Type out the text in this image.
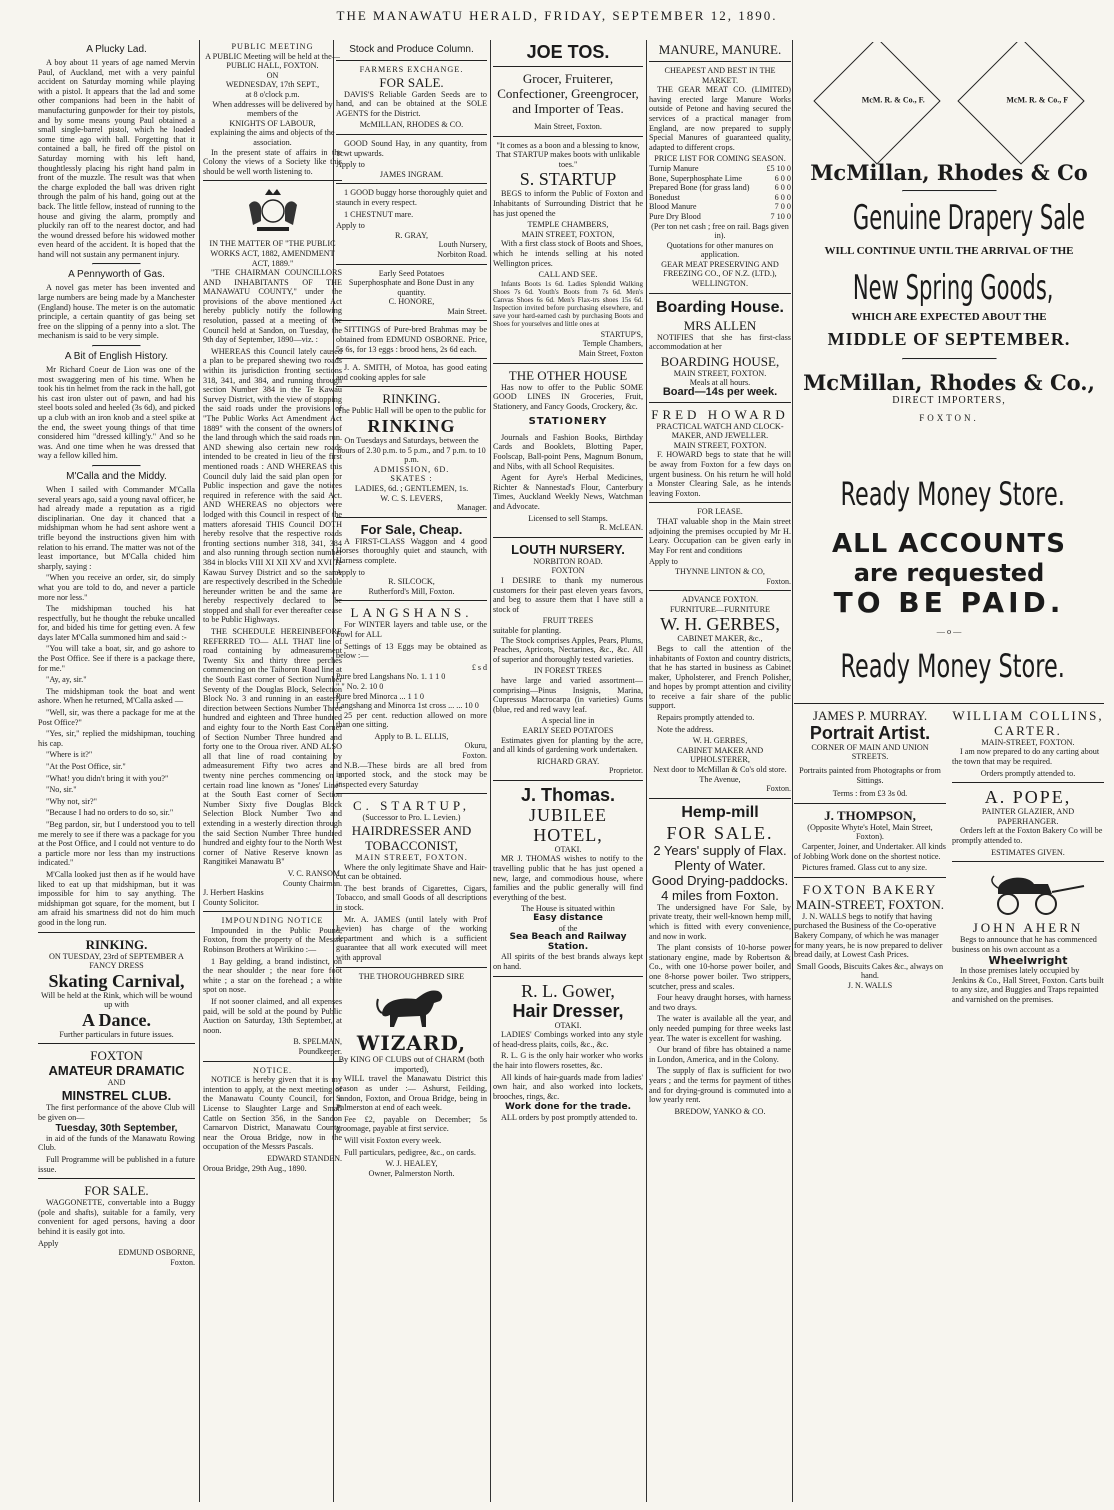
THE MANAWATU HERALD, FRIDAY, SEPTEMBER 12, 1890.
A Plucky Lad.

A boy about 11 years of age named Mervin Paul, of Auckland, met with a very painful accident on Saturday morning while playing with a pistol. It appears that the lad and some other companions had been in the habit of manufacturing gunpowder for their toy pistols, and by some means young Paul obtained a small single-barrel pistol, which he loaded some time ago with ball. Forgetting that it contained a ball, he fired off the pistol on Saturday morning with his left hand, thoughtlessly placing his right hand palm in front of the muzzle. The result was that when the charge exploded the ball was driven right through the palm of his hand, going out at the back. The little fellow, instead of running to the house and giving the alarm, promptly and pluckily ran off to the nearest doctor, and had the wound dressed before his widowed mother even heard of the accident. It is hoped that the hand will not sustain any permanent injury.

A Pennyworth of Gas.

A novel gas meter has been invented and large numbers are being made by a Manchester (England) house. The meter is on the automatic principle, a certain quantity of gas being set free on the slipping of a penny into a slot. The mechanism is said to be very simple.

A Bit of English History.

Mr Richard Coeur de Lion was one of the most swaggering men of his time. When he took his tin helmet from the rack in the hall, got his cast iron ulster out of pawn, and had his steel boots soled and heeled (3s 6d), and picked up a club with an iron knob and a steel spike at the end, the sweet young things of that time considered him "dressed killing'y." And so he was. And one time when he was dressed that way a fellow killed him.

M'Calla and the Middy.

When I sailed with Commander M'Calla several years ago, said a young naval officer, he had already made a reputation as a rigid disciplinarian. One day it chanced that a midshipman whom he had sent ashore went a trifle beyond the instructions given him with relation to his errand. The matter was not of the least importance, but M'Calla chided him sharply, saying :

"When you receive an order, sir, do simply what you are told to do, and never a particle more nor less."

The midshipman touched his hat respectfully, but he thought the rebuke uncalled for, and bided his time for getting even. A few days later M'Calla summoned him and said :-

"You will take a boat, sir, and go ashore to the Post Office. See if there is a package there, for me."

"Ay, ay, sir."

The midshipman took the boat and went ashore. When he returned, M'Calla asked —

"Well, sir, was there a package for me at the Post Office?"

"Yes, sir," replied the midshipman, touching his cap.

"Where is it?"

"At the Post Office, sir."

"What! you didn't bring it with you?"

"No, sir."

"Why not, sir?"

"Because I had no orders to do so, sir."

"Beg pardon, sir, but I understood you to tell me merely to see if there was a package for you at the Post Office, and I could not venture to do a particle more nor less than my instructions indicated."

M'Calla looked just then as if he would have liked to eat up that midshipman, but it was impossible for him to say anything. The midshipman got square, for the moment, but I am afraid his smartness did not do him much good in the long run.

RINKING.
ON TUESDAY, 23rd of SEPTEMBER A
FANCY DRESS
Skating Carnival,
Will be held at the Rink, which will be wound up with
A Dance.
Further particulars in future issues.
FOXTON
AMATEUR DRAMATIC
AND
MINSTREL CLUB.

The first performance of the above Club will be given on—

Tuesday, 30th September,

in aid of the funds of the Manawatu Rowing Club.

Full Programme will be published in a future issue.

FOR SALE.

WAGGONETTE, convertable into a Buggy (pole and shafts), suitable for a family, very convenient for aged persons, having a door behind it is easily got into.

Apply
EDMUND OSBORNE,
Foxton.
PUBLIC MEETING
A PUBLIC Meeting will be held at the—
PUBLIC HALL, FOXTON.
ON
WEDNESDAY, 17th SEPT.,
at 8 o'clock p.m.
When addresses will be delivered by members of the
KNIGHTS OF LABOUR,
explaining the aims and objects of the association.

In the present state of affairs in the Colony the views of a Society like this should be well worth listening to.

IN THE MATTER OF "THE PUBLIC WORKS ACT, 1882, AMENDMENT ACT, 1889."

"THE CHAIRMAN COUNCILLORS AND INHABITANTS OF THE MANAWATU COUNTY," under the provisions of the above mentioned Act hereby publicly notify the following resolution, passed at a meeting of the Council held at Sandon, on Tuesday, the 9th day of September, 1890—viz. :

WHEREAS this Council lately caused a plan to be prepared shewing two roads within its jurisdiction fronting sections 318, 341, and 384, and running through section Number 384 in the Te Kawau Survey District, with the view of stopping the said roads under the provisions of "The Public Works Act Amendment Act 1889" with the consent of the owners of the land through which the said roads run. AND shewing also certain new roads intended to be created in lieu of the first mentioned roads : AND WHEREAS this Council duly laid the said plan open for Public inspection and gave the notices required in reference with the said Act. AND WHEREAS no objectors were lodged with this Council in respect of the matters aforesaid THIS Council DOTH hereby resolve that the respective roads fronting sections number 318, 341, 384 and also running through section number 384 in blocks VIII XI XII XV and XVI Te Kawau Survey District and so the same are respectively described in the Schedule hereunder written be and the same are hereby respectively declared to be stopped and shall for ever thereafter cease to be Public Highways.

THE SCHEDULE HEREINBEFORE REFERRED TO— ALL THAT line of road containing by admeasurement Twenty Six and thirty three perches commencing on the Taihoron Road line at the South East corner of Section Number Seventy of the Douglas Block, Selection Block No. 3 and running in an easterly direction between Sections Number Three hundred and eighteen and Three hundred and eighty four to the North East Corner of Section Number Three hundred and forty one to the Oroua river. AND ALSO all that line of road containing by admeasurement Fifty two acres and twenty nine perches commencing on a certain road line known as "Jones' Line" at the South East corner of Section Number Sixty five Douglas Block Selection Block Number Two and extending in a westerly direction through the said Section Number Three hundred hundred and eighty four to the North West corner of Native Reserve known as Rangitikei Manawatu B"

V. C. RANSOM.
County Chairman.
J. Herbert Haskins
County Solicitor.
IMPOUNDING NOTICE

Impounded in the Public Pound, Foxton, from the property of the Messrs Robinson Brothers at Wirikino :—

1 Bay gelding, a brand indistinct, on the near shoulder ; the near fore foot white ; a star on the forehead ; a white spot on nose.

If not sooner claimed, and all expenses paid, will be sold at the pound by Public Auction on Saturday, 13th September, at noon.

B. SPELMAN,
Poundkeeper.
NOTICE.

NOTICE is hereby given that it is my intention to apply, at the next meeting of the Manawatu County Council, for a License to Slaughter Large and Small Cattle on Section 356, in the Sandon Carnarvon District, Manawatu County, near the Oroua Bridge, now in the occupation of the Messrs Pascals.

EDWARD STANDEN.
Oroua Bridge, 29th Aug., 1890.
Stock and Produce Column.
FARMERS EXCHANGE.
FOR SALE.

DAVIS'S Reliable Garden Seeds are to hand, and can be obtained at the SOLE AGENTS for the District.

McMILLAN, RHODES & CO.

GOOD Sound Hay, in any quantity, from 1cwt upwards.

Apply to
JAMES INGRAM.

1 GOOD buggy horse thoroughly quiet and staunch in every respect.

1 CHESTNUT mare.

Apply to
R. GRAY,
Louth Nursery,
Norbiton Road.
Early Seed Potatoes
Superphosphate and Bone Dust in any quantity.
C. HONORE,
Main Street.

SITTINGS of Pure-bred Brahmas may be obtained from EDMUND OSBORNE. Price, 5s 6s, for 13 eggs : brood hens, 2s 6d each.

J. A. SMITH, of Motoa, has good eating and cooking apples for sale

RINKING.
The Public Hall will be open to the public for
RINKING
On Tuesdays and Saturdays, between the hours of 2.30 p.m. to 5 p.m., and 7 p.m. to 10 p.m.
ADMISSION, 6D.
SKATES :
LADIES, 6d. ; GENTLEMEN, 1s.
W. C. S. LEVERS,
Manager.
For Sale, Cheap.

A FIRST-CLASS Waggon and 4 good Horses thoroughly quiet and staunch, with Harness complete.

Apply to
R. SILCOCK,
Rutherford's Mill, Foxton.
LANGSHANS.

For WINTER layers and table use, or the Fowl for ALL

Settings of 13 Eggs may be obtained as below :—

£ s d
Pure bred Langshans No. 1. 1 1 0
" " No. 2. 10 0
Pure bred Minorca ... 1 1 0
Langshang and Minorca 1st cross ... ... 10 0

25 per cent. reduction allowed on more than one sitting.

Apply to B. L. ELLIS,
Okuru,
Foxton.

N.B.—These birds are all bred from imported stock, and the stock may be inspected every Saturday

C. STARTUP,
(Successor to Pro. L. Levien.)
HAIRDRESSER AND TOBACCONIST,
MAIN STREET, FOXTON.

Where the only legitimate Shave and Hair-cut can be obtained.

The best brands of Cigarettes, Cigars, Tobacco, and small Goods of all descriptions in stock.

Mr. A. JAMES (until lately with Prof Levien) has charge of the working department and which is a sufficient guarantee that all work executed will meet with approval

THE THOROUGHBRED SIRE
WIZARD,
By KING OF CLUBS out of CHARM (both imported),

WILL travel the Manawatu District this season as under :— Ashurst, Feilding, Sandon, Foxton, and Oroua Bridge, being in Palmerston at end of each week.

Fee £2, payable on December; 5s groomage, payable at first service.

Will visit Foxton every week.

Full particulars, pedigree, &c., on cards.

W. J. HEALEY,
Owner, Palmerston North.
JOE TOS.
Grocer, Fruiterer, Confectioner, Greengrocer, and Importer of Teas.
Main Street, Foxton.
"It comes as a boon and a blessing to know, That STARTUP makes boots with unlikable toes."
S. STARTUP

BEGS to inform the Public of Foxton and Inhabitants of Surrounding District that he has just opened the

TEMPLE CHAMBERS,
MAIN STREET, FOXTON,

With a first class stock of Boots and Shoes, which he intends selling at his noted Wellington prices.

CALL AND SEE.

Infants Boots 1s 6d. Ladies Splendid Walking Shoes 7s 6d. Youth's Boots from 7s 6d. Men's Canvas Shoes 6s 6d. Men's Flax-trs shoes 15s 6d. Inspection invited before purchasing elsewhere, and save your hard-earned cash by purchasing Boots and Shoes for yourselves and little ones at

STARTUP'S,
Temple Chambers,
Main Street, Foxton
THE OTHER HOUSE

Has now to offer to the Public SOME GOOD LINES IN Groceries, Fruit, Stationery, and Fancy Goods, Crockery, &c.

STATIONERY

Journals and Fashion Books, Birthday Cards and Booklets, Blotting Paper, Foolscap, Ball-point Pens, Magnum Bonum, and Nibs, with all School Requisites.

Agent for Ayre's Herbal Medicines, Richter & Nannestad's Flour, Canterbury Times, Auckland Weekly News, Watchman and Advocate.

Licensed to sell Stamps.
R. McLEAN.
LOUTH NURSERY.
NORBITON ROAD.
FOXTON

I DESIRE to thank my numerous customers for their past eleven years favors, and beg to assure them that I have still a stock of

FRUIT TREES
suitable for planting.

The Stock comprises Apples, Pears, Plums, Peaches, Apricots, Nectarines, &c., &c. All of superior and thoroughly tested varieties.

IN FOREST TREES

have large and varied assortment—comprising—Pinus Insignis, Marina, Cupressus Macrocarpa (in varieties) Gums (blue, red and red wavy leaf.

A special line in
EARLY SEED POTATOES

Estimates given for planting by the acre, and all kinds of gardening work undertaken.

RICHARD GRAY.
Proprietor.
J. Thomas.
JUBILEE HOTEL,
OTAKI.

MR J. THOMAS wishes to notify to the travelling public that he has just opened a new, large, and commodious house, where families and the public generally will find everything of the best.

The House is situated within
Easy distance
of the
Sea Beach and Railway Station.

All spirits of the best brands always kept on hand.

R. L. Gower,
Hair Dresser,
OTAKI.

LADIES' Combings worked into any style of head-dress plaits, coils, &c., &c.

R. L. G is the only hair worker who works the hair into flowers rosettes, &c.

All kinds of hair-guards made from ladies' own hair, and also worked into lockets, brooches, rings, &c.

Work done for the trade.

ALL orders by post promptly attended to.

MANURE, MANURE.
CHEAPEST AND BEST IN THE MARKET.

THE GEAR MEAT CO. (LIMITED) having erected large Manure Works outside of Petone and having secured the services of a practical manager from England, are now prepared to supply Special Manures of guaranteed quality, adapted to different crops.

PRICE LIST FOR COMING SEASON.
Turnip Manure	£5 10 0
Bone, Superphosphate Lime	6 0 0
Prepared Bone (for grass land)	6 0 0
Bonedust	6 0 0
Blood Manure	7 0 0
Pure Dry Blood	7 10 0
(Per ton net cash ; free on rail. Bags given in).
Quotations for other manures on application.
GEAR MEAT PRESERVING AND FREEZING CO., OF N.Z. (LTD.), WELLINGTON.
Boarding House.
MRS ALLEN

NOTIFIES that she has first-class accommodation at her

BOARDING HOUSE,
MAIN STREET, FOXTON.
Meals at all hours.
Board—14s per week.
FRED HOWARD
PRACTICAL WATCH AND CLOCK-MAKER, AND JEWELLER.
MAIN STREET, FOXTON.

F. HOWARD begs to state that he will be away from Foxton for a few days on urgent business. On his return he will hold a Monster Clearing Sale, as he intends leaving Foxton.

FOR LEASE.

THAT valuable shop in the Main street adjoining the premises occupied by Mr H. Leary. Occupation can be given early in May For rent and conditions

Apply to
THYNNE LINTON & CO,
Foxton.
ADVANCE FOXTON.
FURNITURE—FURNITURE
W. H. GERBES,
CABINET MAKER, &c.,

Begs to call the attention of the inhabitants of Foxton and country districts, that he has started in business as Cabinet maker, Upholsterer, and French Polisher, and hopes by prompt attention and civility to receive a fair share of the public support.

Repairs promptly attended to.

Note the address.

W. H. GERBES,
CABINET MAKER AND UPHOLSTERER,
Next door to McMillan & Co's old store.
The Avenue,
Foxton.
Hemp-mill
FOR SALE.
2 Years' supply of Flax.
Plenty of Water.
Good Drying-paddocks.
4 miles from Foxton.

The undersigned have For Sale, by private treaty, their well-known hemp mill, which is fitted with every convenience, and now in work.

The plant consists of 10-horse power stationary engine, made by Robertson & Co., with one 10-horse power boiler, and one 8-horse power boiler. Two strippers, scutcher, press and scales.

Four heavy draught horses, with harness and two drays.

The water is available all the year, and only needed pumping for three weeks last year. The water is excellent for washing.

Our brand of fibre has obtained a name in London, America, and in the Colony.

The supply of flax is sufficient for two years ; and the terms for payment of tithes and for drying-ground is commuted into a low yearly rent.

BREDOW, YANKO & CO.
McM. R. & Co., F.
	McM. R. & Co., F
McMillan, Rhodes & Co
Genuine Drapery Sale
WILL CONTINUE UNTIL THE ARRIVAL OF THE
New Spring Goods,
WHICH ARE EXPECTED ABOUT THE
MIDDLE OF SEPTEMBER.
McMillan, Rhodes & Co.,
DIRECT IMPORTERS,
FOXTON.
Ready Money Store.
ALL ACCOUNTS
are requested
TO BE PAID.
— o —
Ready Money Store.
JAMES P. MURRAY.
Portrait Artist.
CORNER OF MAIN AND UNION STREETS.
Portraits painted from Photographs or from Sittings.
Terms : from £3 3s 0d.
J. THOMPSON,
(Opposite Whyte's Hotel, Main Street, Foxton).

Carpenter, Joiner, and Undertaker. All kinds of Jobbing Work done on the shortest notice.

Pictures framed. Glass cut to any size.

FOXTON BAKERY
MAIN-STREET, FOXTON.

J. N. WALLS begs to notify that having purchased the Business of the Co-operative Bakery Company, of which he was manager for many years, he is now prepared to deliver bread daily, at Lowest Cash Prices.

Small Goods, Biscuits Cakes &c., always on hand.
J. N. WALLS
WILLIAM COLLINS,
CARTER.
MAIN-STREET, FOXTON.

I am now prepared to do any carting about the town that may be required.

Orders promptly attended to.
A. POPE,
PAINTER GLAZIER, AND PAPERHANGER.

Orders left at the Foxton Bakery Co will be promptly attended to.

ESTIMATES GIVEN.
JOHN AHERN

Begs to announce that he has commenced business on his own account as a

Wheelwright

In those premises lately occupied by Jenkins & Co., Hall Street, Foxton. Carts built to any size, and Buggies and Traps repainted and varnished on the premises.
